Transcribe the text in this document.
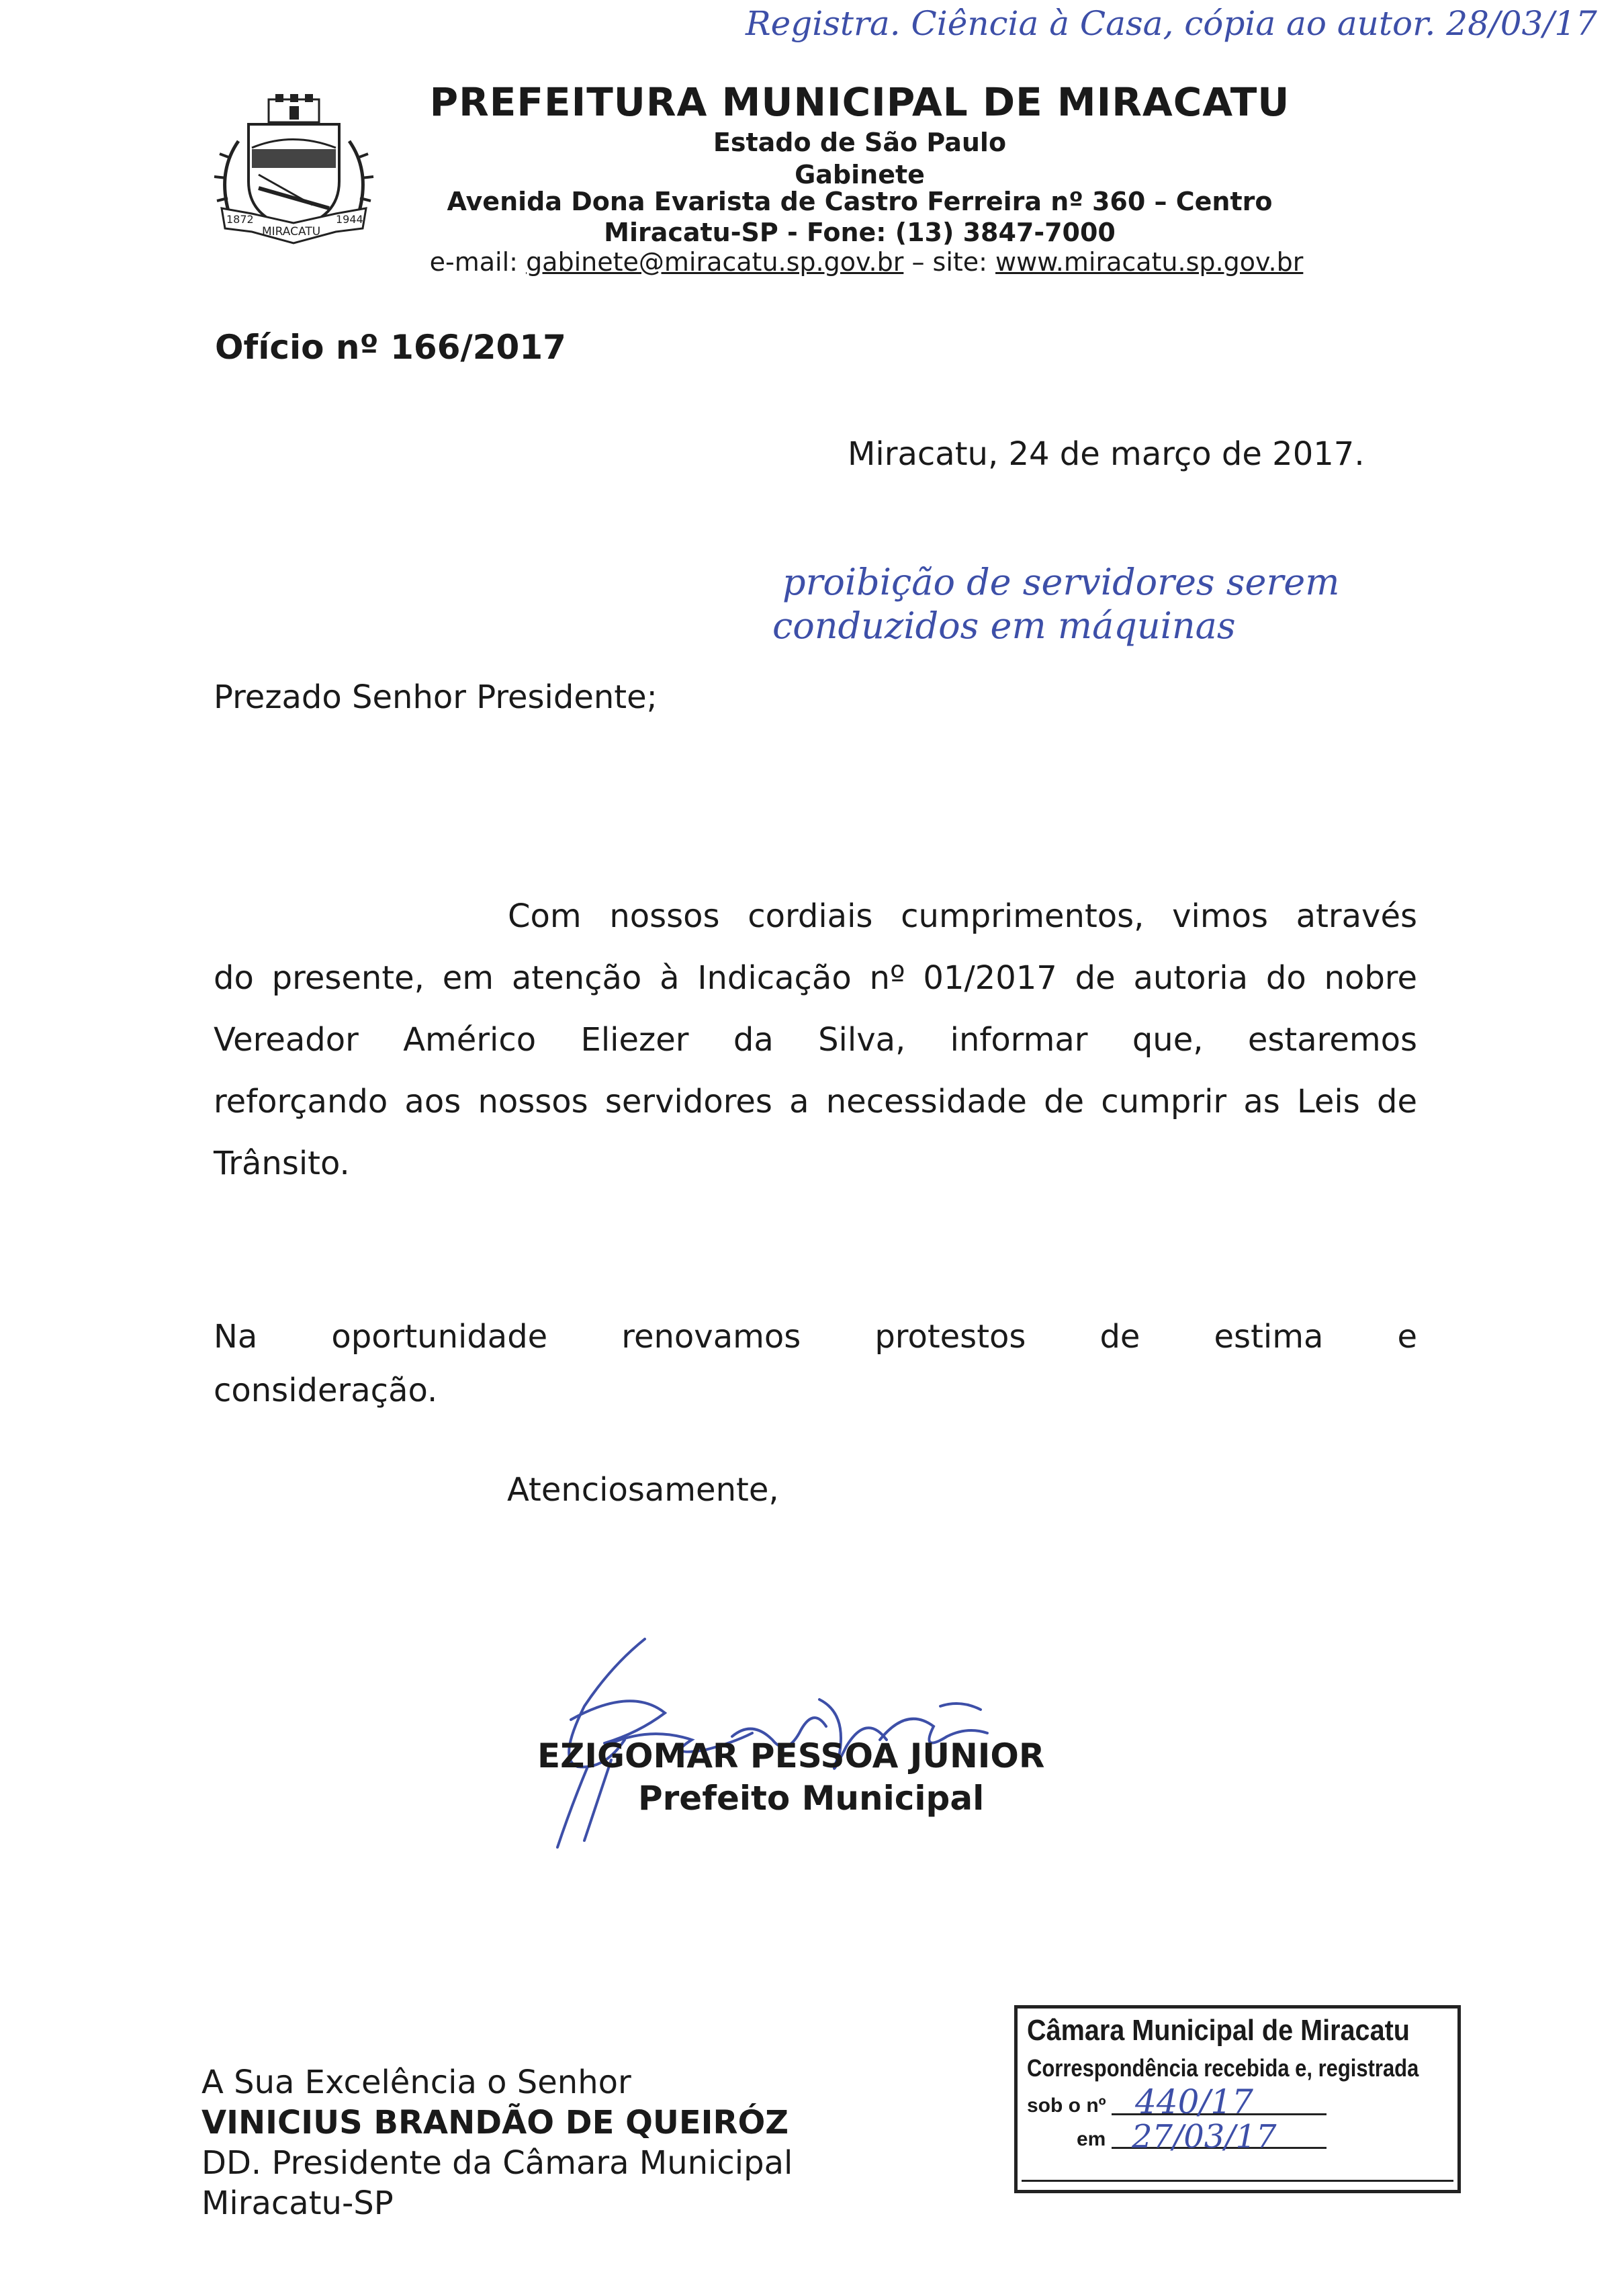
Registra. Ciência à Casa, cópia ao autor. 28/03/17
1872	1944
MIRACATU
PREFEITURA MUNICIPAL DE MIRACATU
Estado de São Paulo
Gabinete
Avenida Dona Evarista de Castro Ferreira nº 360 – Centro
Miracatu-SP - Fone: (13) 3847-7000
e-mail: gabinete@miracatu.sp.gov.br – site: www.miracatu.sp.gov.br
Ofício nº 166/2017
Miracatu, 24 de março de 2017.
proibição de servidores serem
conduzidos em máquinas
Prezado Senhor Presidente;
Com nossos cordiais cumprimentos, vimos através
do presente, em atenção à Indicação nº 01/2017 de autoria do nobre
Vereador Américo Eliezer da Silva, informar que, estaremos
reforçando aos nossos servidores a necessidade de cumprir as Leis de
Trânsito.
Na oportunidade renovamos protestos de estima e
consideração.
Atenciosamente,
EZIGOMAR PESSOA JUNIOR
Prefeito Municipal
A Sua Excelência o Senhor
VINICIUS BRANDÃO DE QUEIRÓZ
DD. Presidente da Câmara Municipal
Miracatu-SP
Câmara Municipal de Miracatu
Correspondência recebida e, registrada
sob o nº 440/17
em 27/03/17
